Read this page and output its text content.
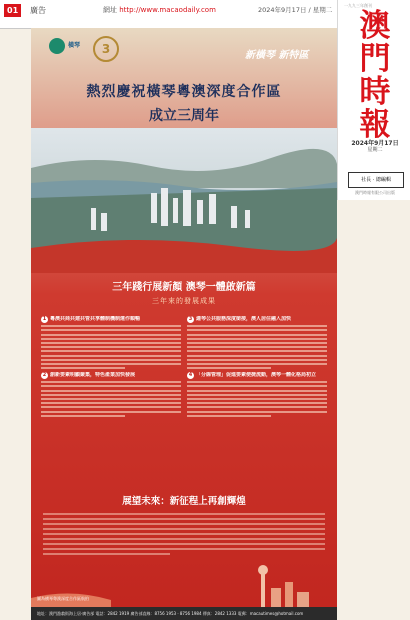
01	廣告	網址 http://www.macaodaily.com	2024年9月17日 / 星期二
一九九三年創刊
澳
門
時
報
2024年9月17日
星期二
社長 · 總編輯
澳門時報有限公司出版
橫琴	3	新橫琴 新特區
熱烈慶祝橫琴粵澳深度合作區
成立三周年
三年踐行展新顏 澳琴一體啟新篇
三年來的發展成果
1 粵澳共商共建共管共享體制機制運作順暢
2 創新要素明顯聚集，特色產業加快發展
3 適琴公共服務深度銜接，澳人居住融入加快
4 「分線管理」促進要素便捷流動，澳琴一體化格局初立
展望未來：新征程上再創輝煌
圖為橫琴粵澳深度合作區航拍
地址：澳門漁翁街海上居·廣告部 電話：2842 1919 廣告部直線：8756 1953 · 8756 1984 傳真：2842 1333 電郵：macautimes@hotmail.com
